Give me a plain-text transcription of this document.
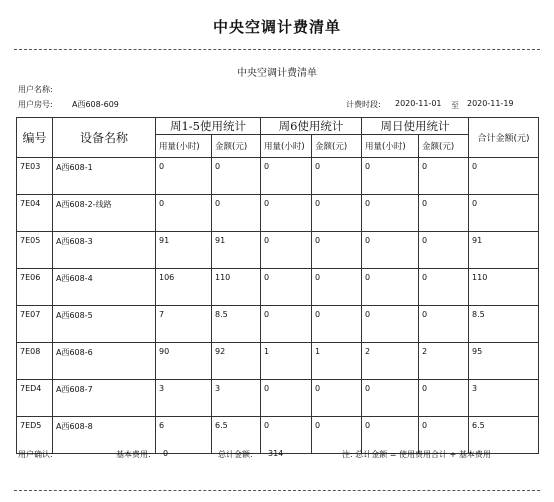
中央空调计费清单
中央空调计费清单
用户名称:
用户房号: A西608-609	计费时段: 2020-11-01 至 2020-11-19
编号	设备名称	周1-5使用统计		周6使用统计		周日使用统计		合计金额(元)
		用量(小时)	金额(元)	用量(小时)	金额(元)	用量(小时)	金额(元)	
7E03	A西608-1	0	0	0	0	0	0	0
7E04	A西608-2-线路	0	0	0	0	0	0	0
7E05	A西608-3	91	91	0	0	0	0	91
7E06	A西608-4	106	110	0	0	0	0	110
7E07	A西608-5	7	8.5	0	0	0	0	8.5
7E08	A西608-6	90	92	1	1	2	2	95
7ED4	A西608-7	3	3	0	0	0	0	3
7ED5	A西608-8	6	6.5	0	0	0	0	6.5
用户确认:	基本费用: 0	总计金额: 314	注: 总计金额 = 使用费用合计 + 基本费用
